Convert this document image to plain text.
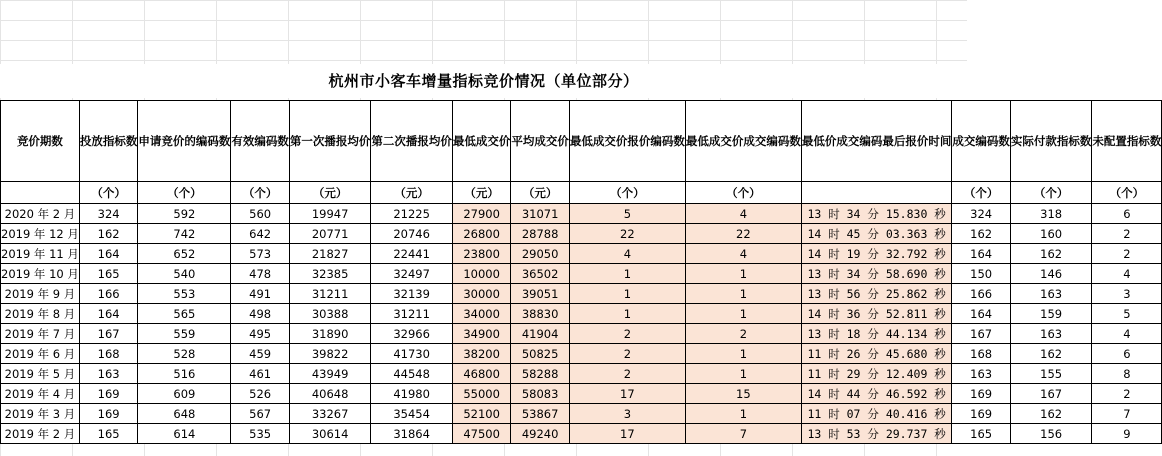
杭州市小客车增量指标竞价情况（单位部分）
竞价期数	投放指标数	申请竞价的编码数	有效编码数	第一次播报均价	第二次播报均价	最低成交价	平均成交价	最低成交价报价编码数	最低成交价成交编码数	最低价成交编码最后报价时间	成交编码数	实际付款指标数	未配置指标数
	（个）	（个）	（个）	（元）	（元）	（元）	（元）	（个）	（个）		（个）	（个）	（个）
2020 年 2 月	324	592	560	19947	21225	27900	31071	5	4	13 时 34 分 15.830 秒	324	318	6
2019 年 12 月	162	742	642	20771	20746	26800	28788	22	22	14 时 45 分 03.363 秒	162	160	2
2019 年 11 月	164	652	573	21827	22441	23800	29050	4	4	14 时 19 分 32.792 秒	164	162	2
2019 年 10 月	165	540	478	32385	32497	10000	36502	1	1	13 时 34 分 58.690 秒	150	146	4
2019 年 9 月	166	553	491	31211	32139	30000	39051	1	1	13 时 56 分 25.862 秒	166	163	3
2019 年 8 月	164	565	498	30388	31211	34000	38830	1	1	14 时 36 分 52.811 秒	164	159	5
2019 年 7 月	167	559	495	31890	32966	34900	41904	2	2	13 时 18 分 44.134 秒	167	163	4
2019 年 6 月	168	528	459	39822	41730	38200	50825	2	1	11 时 26 分 45.680 秒	168	162	6
2019 年 5 月	163	516	461	43949	44548	46800	58288	2	1	11 时 29 分 12.409 秒	163	155	8
2019 年 4 月	169	609	526	40648	41980	55000	58083	17	15	14 时 44 分 46.592 秒	169	167	2
2019 年 3 月	169	648	567	33267	35454	52100	53867	3	1	11 时 07 分 40.416 秒	169	162	7
2019 年 2 月	165	614	535	30614	31864	47500	49240	17	7	13 时 53 分 29.737 秒	165	156	9
